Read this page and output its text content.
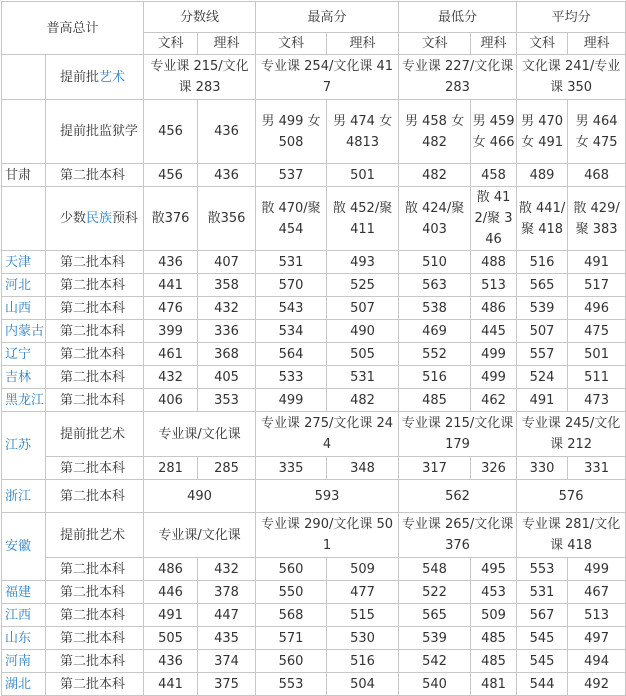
普高总计		分数线		最高分		最低分		平均分	
		文科	理科	文科	理科	文科	理科	文科	理科
	提前批艺术	专业课 215/文化课 283		专业课 254/文化课 417		专业课 227/文化课 283		文化课 241/专业课 350	
	提前批监狱学	456	436	男 499 女 508	男 474 女 4813	男 458 女 482	男 459 女 466	男 470 女 491	男 464 女 475
甘肃	第二批本科	456	436	537	501	482	458	489	468
	少数民族预科	散376	散356	散 470/聚 454	散 452/聚 411	散 424/聚 403	散 412/聚 346	散 441/聚 418	散 429/聚 383
天津	第二批本科	436	407	531	493	510	488	516	491
河北	第二批本科	441	358	570	525	563	513	565	517
山西	第二批本科	476	432	543	507	538	486	539	496
内蒙古	第二批本科	399	336	534	490	469	445	507	475
辽宁	第二批本科	461	368	564	505	552	499	557	501
吉林	第二批本科	432	405	533	531	516	499	524	511
黑龙江	第二批本科	406	353	499	482	485	462	491	473
江苏	提前批艺术	专业课/文化课		专业课 275/文化课 244		专业课 215/文化课 179		专业课 245/文化课 212	
	第二批本科	281	285	335	348	317	326	330	331
浙江	第二批本科	490		593		562		576	
安徽	提前批艺术	专业课/文化课		专业课 290/文化课 501		专业课 265/文化课 376		专业课 281/文化课 418	
	第二批本科	486	432	560	509	548	495	553	499
福建	第二批本科	446	378	550	477	522	453	531	467
江西	第二批本科	491	447	568	515	565	509	567	513
山东	第二批本科	505	435	571	530	539	485	545	497
河南	第二批本科	436	374	560	516	542	485	545	494
湖北	第二批本科	441	375	553	504	540	481	544	492
